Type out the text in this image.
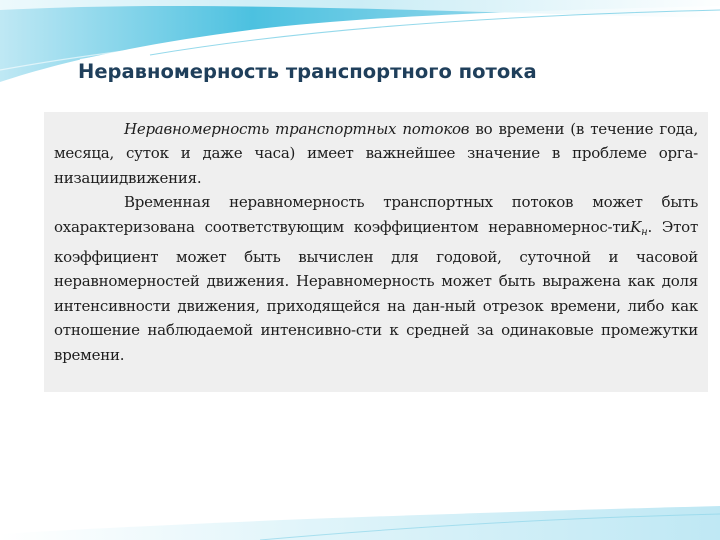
Неравномерность транспортного потока

Неравномерность транспортных потоков во времени (в течение года, месяца, суток и даже часа) имеет важнейшее значение в проблеме орга-низациидвижения.

Временная неравномерность транспортных потоков может быть охарактеризована соответствующим коэффициентом неравномернос-тиK$_н$. Этот коэффициент может быть вычислен для годовой, суточной и часовой неравномерностей движения. Неравномерность может быть выражена как доля интенсивности движения, приходящейся на дан-ный отрезок времени, либо как отношение наблюдаемой интенсивно-сти к средней за одинаковые промежутки времени.
